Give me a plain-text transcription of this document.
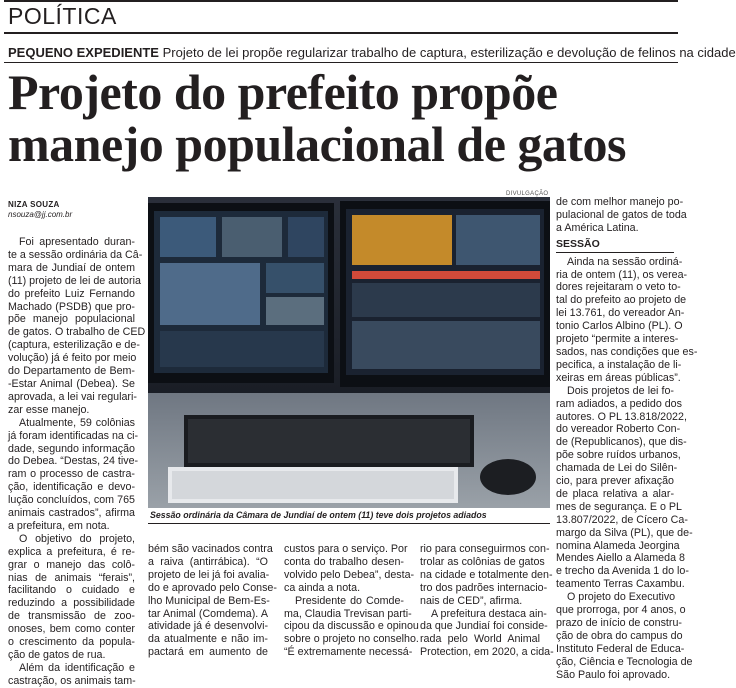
POLÍTICA
PEQUENO EXPEDIENTE Projeto de lei propõe regularizar trabalho de captura, esterilização e devolução de felinos na cidade
Projeto do prefeito propõe
manejo populacional de gatos
NIZA SOUZA
nsouza@jj.com.br
DIVULGAÇÃO
Sessão ordinária da Câmara de Jundiaí de ontem (11) teve dois projetos adiados
Foi apresentado duran-
te a sessão ordinária da Câ-
mara de Jundiaí de ontem
(11) projeto de lei de autoria
do prefeito Luiz Fernando
Machado (PSDB) que pro-
põe manejo populacional
de gatos. O trabalho de CED
(captura, esterilização e de-
volução) já é feito por meio
do Departamento de Bem-
-Estar Animal (Debea). Se
aprovada, a lei vai regulari-
zar esse manejo.
Atualmente, 59 colônias
já foram identificadas na ci-
dade, segundo informação
do Debea. “Destas, 24 tive-
ram o processo de castra-
ção, identificação e devo-
lução concluídos, com 765
animais castrados”, afirma
a prefeitura, em nota.
O objetivo do projeto,
explica a prefeitura, é re-
grar o manejo das colô-
nias de animais “ferais”,
facilitando o cuidado e
reduzindo a possibilidade
de transmissão de zoo-
onoses, bem como conter
o crescimento da popula-
ção de gatos de rua.
Além da identificação e
castração, os animais tam-
bém são vacinados contra
a raiva (antirrábica). “O
projeto de lei já foi avalia-
do e aprovado pelo Conse-
lho Municipal de Bem-Es-
tar Animal (Comdema). A
atividade já é desenvolvi-
da atualmente e não im-
pactará em aumento de
custos para o serviço. Por
conta do trabalho desen-
volvido pelo Debea”, desta-
ca ainda a nota.
Presidente do Comde-
ma, Claudia Trevisan parti-
cipou da discussão e opinou
sobre o projeto no conselho.
“É extremamente necessá-
rio para conseguirmos con-
trolar as colônias de gatos
na cidade e totalmente den-
tro dos padrões internacio-
nais de CED”, afirma.
A prefeitura destaca ain-
da que Jundiaí foi conside-
rada pelo World Animal
Protection, em 2020, a cida-
de com melhor manejo po-
pulacional de gatos de toda
a América Latina.
SESSÃO
Ainda na sessão ordiná-
ria de ontem (11), os verea-
dores rejeitaram o veto to-
tal do prefeito ao projeto de
lei 13.761, do vereador An-
tonio Carlos Albino (PL). O
projeto “permite a interes-
sados, nas condições que es-
pecifica, a instalação de li-
xeiras em áreas públicas”.
Dois projetos de lei fo-
ram adiados, a pedido dos
autores. O PL 13.818/2022,
do vereador Roberto Con-
de (Republicanos), que dis-
põe sobre ruídos urbanos,
chamada de Lei do Silên-
cio, para prever afixação
de placa relativa a alar-
mes de segurança. E o PL
13.807/2022, de Cícero Ca-
margo da Silva (PL), que de-
nomina Alameda Jeorgina
Mendes Aiello a Alameda 8
e trecho da Avenida 1 do lo-
teamento Terras Caxambu.
O projeto do Executivo
que prorroga, por 4 anos, o
prazo de início de constru-
ção de obra do campus do
Instituto Federal de Educa-
ção, Ciência e Tecnologia de
São Paulo foi aprovado.
